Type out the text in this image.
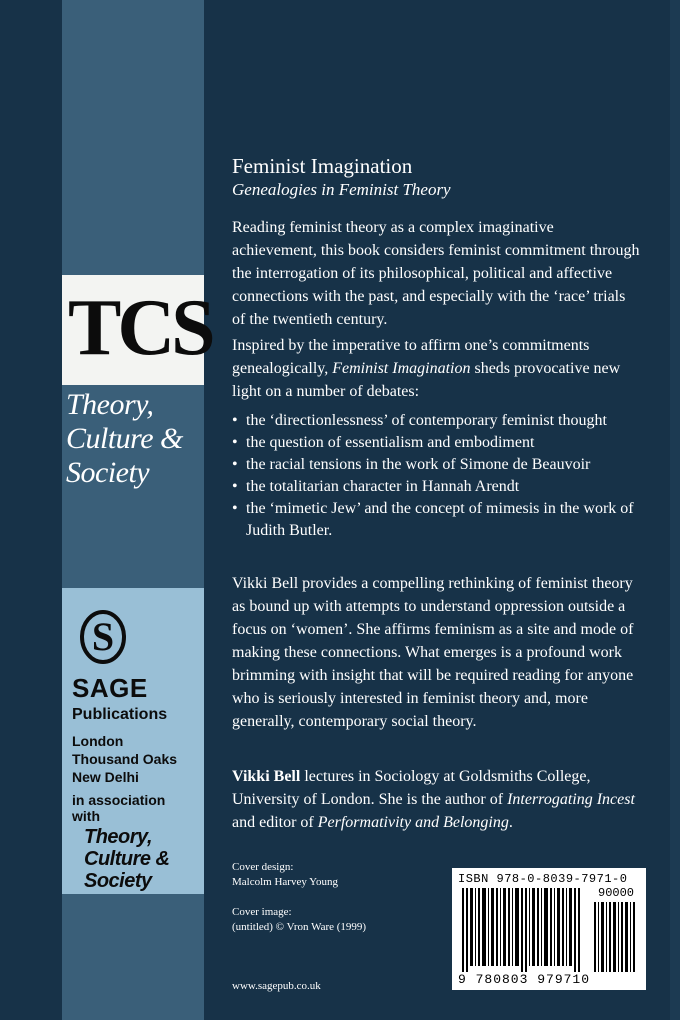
TCS
Theory,
Culture &
Society
S
SAGE
Publications
London
Thousand Oaks
New Delhi
in association
with
Theory,
Culture &
Society
Feminist Imagination
Genealogies in Feminist Theory
Reading feminist theory as a complex imaginative achievement, this book considers feminist commitment through the interrogation of its philosophical, political and affective connections with the past, and especially with the ‘race’ trials of the twentieth century.
Inspired by the imperative to affirm one’s commitments genealogically, Feminist Imagination sheds provocative new light on a number of debates:
• the ‘directionlessness’ of contemporary feminist thought
• the question of essentialism and embodiment
• the racial tensions in the work of Simone de Beauvoir
• the totalitarian character in Hannah Arendt
• the ‘mimetic Jew’ and the concept of mimesis in the work of Judith Butler.
Vikki Bell provides a compelling rethinking of feminist theory as bound up with attempts to understand oppression outside a focus on ‘women’. She affirms feminism as a site and mode of making these connections. What emerges is a profound work brimming with insight that will be required reading for anyone who is seriously interested in feminist theory and, more generally, contemporary social theory.
Vikki Bell lectures in Sociology at Goldsmiths College, University of London. She is the author of Interrogating Incest and editor of Performativity and Belonging.
Cover design:
Malcolm Harvey Young
Cover image:
(untitled) © Vron Ware (1999)
www.sagepub.co.uk
ISBN 978-0-8039-7971-0
90000
9 780803 979710
